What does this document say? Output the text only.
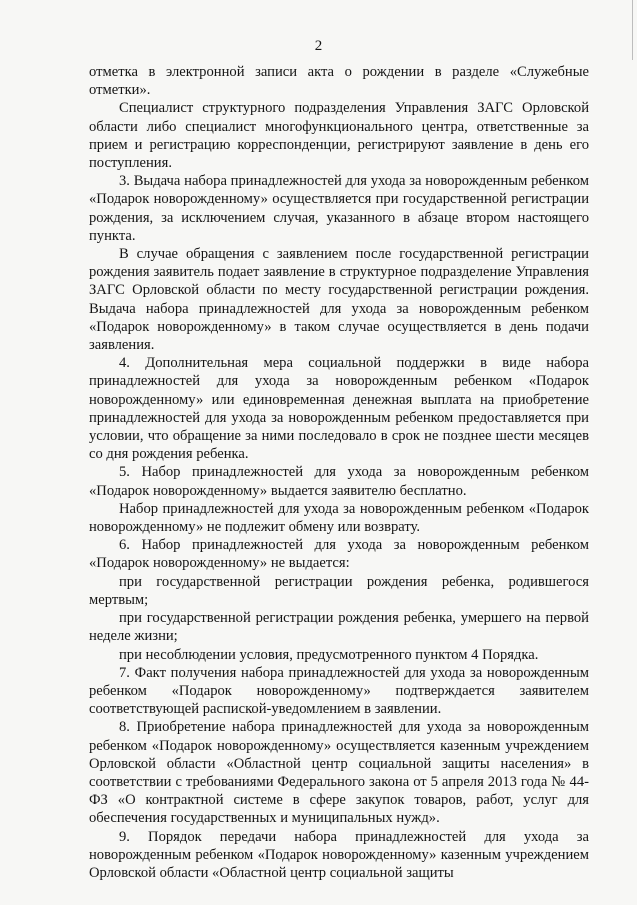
2

отметка в электронной записи акта о рождении в разделе «Служебные отметки».

Специалист структурного подразделения Управления ЗАГС Орловской области либо специалист многофункционального центра, ответственные за прием и регистрацию корреспонденции, регистрируют заявление в день его поступления.

3. Выдача набора принадлежностей для ухода за новорожденным ребенком «Подарок новорожденному» осуществляется при государственной регистрации рождения, за исключением случая, указанного в абзаце втором настоящего пункта.

В случае обращения с заявлением после государственной регистрации рождения заявитель подает заявление в структурное подразделение Управления ЗАГС Орловской области по месту государственной регистрации рождения. Выдача набора принадлежностей для ухода за новорожденным ребенком «Подарок новорожденному» в таком случае осуществляется в день подачи заявления.

4. Дополнительная мера социальной поддержки в виде набора принадлежностей для ухода за новорожденным ребенком «Подарок новорожденному» или единовременная денежная выплата на приобретение принадлежностей для ухода за новорожденным ребенком предоставляется при условии, что обращение за ними последовало в срок не позднее шести месяцев со дня рождения ребенка.

5. Набор принадлежностей для ухода за новорожденным ребенком «Подарок новорожденному» выдается заявителю бесплатно.

Набор принадлежностей для ухода за новорожденным ребенком «Подарок новорожденному» не подлежит обмену или возврату.

6. Набор принадлежностей для ухода за новорожденным ребенком «Подарок новорожденному» не выдается:

при государственной регистрации рождения ребенка, родившегося мертвым;

при государственной регистрации рождения ребенка, умершего на первой неделе жизни;

при несоблюдении условия, предусмотренного пунктом 4 Порядка.

7. Факт получения набора принадлежностей для ухода за новорожденным ребенком «Подарок новорожденному» подтверждается заявителем соответствующей распиской-уведомлением в заявлении.

8. Приобретение набора принадлежностей для ухода за новорожденным ребенком «Подарок новорожденному» осуществляется казенным учреждением Орловской области «Областной центр социальной защиты населения» в соответствии с требованиями Федерального закона от 5 апреля 2013 года № 44-ФЗ «О контрактной системе в сфере закупок товаров, работ, услуг для обеспечения государственных и муниципальных нужд».

9. Порядок передачи набора принадлежностей для ухода за новорожденным ребенком «Подарок новорожденному» казенным учреждением Орловской области «Областной центр социальной защиты
